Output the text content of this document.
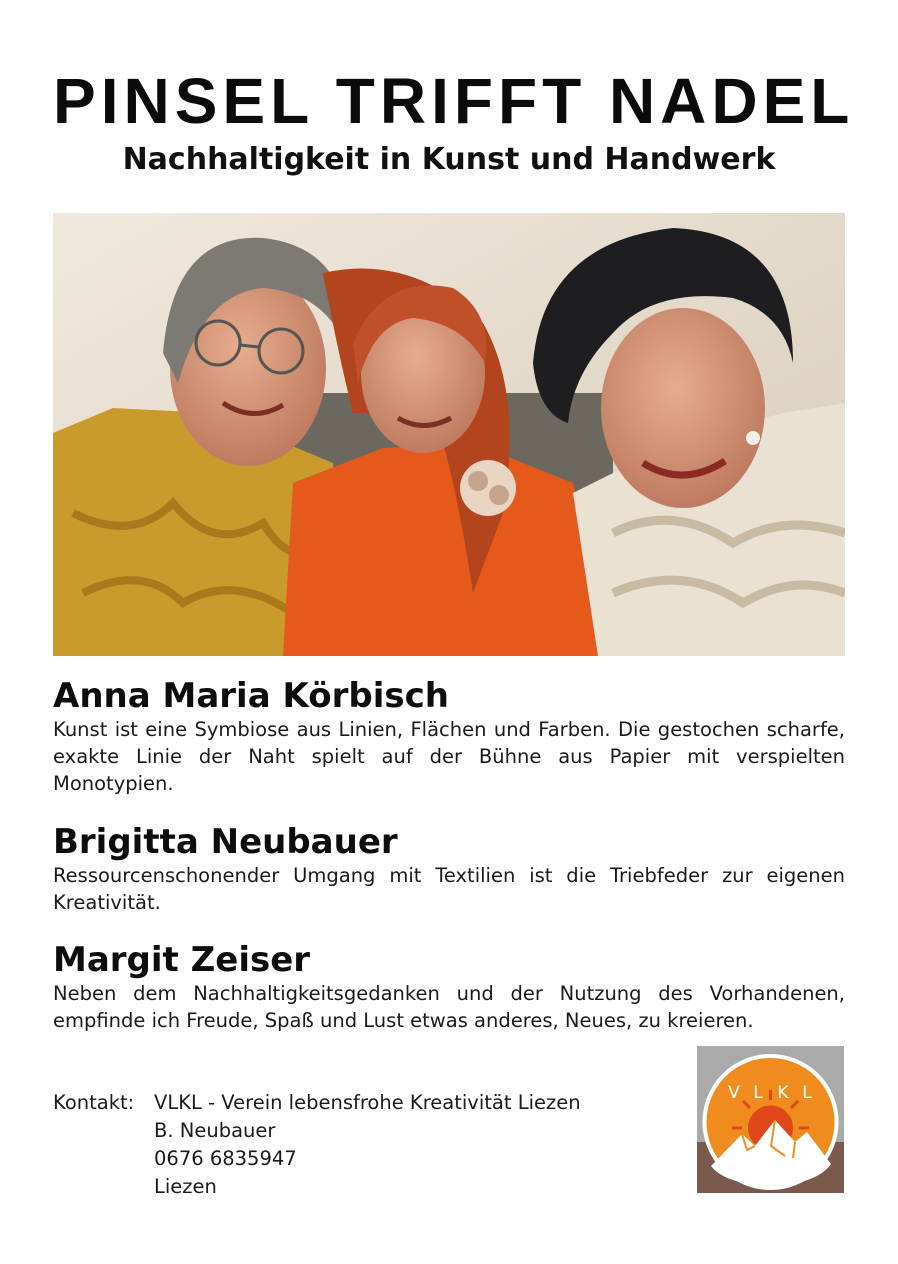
PINSEL TRIFFT NADEL
Nachhaltigkeit in Kunst und Handwerk
Anna Maria Körbisch

Kunst ist eine Symbiose aus Linien, Flächen und Farben. Die gestochen scharfe, exakte Linie der Naht spielt auf der Bühne aus Papier mit verspielten Monotypien.

Brigitta Neubauer

Ressourcenschonender Umgang mit Textilien ist die Triebfeder zur eigenen Kreativität.

Margit Zeiser

Neben dem Nachhaltigkeitsgedanken und der Nutzung des Vorhandenen, empfinde ich Freude, Spaß und Lust etwas anderes, Neues, zu kreieren.

Kontakt: VLKL - Verein lebensfrohe Kreativität Liezen
B. Neubauer
0676 6835947
Liezen
V L K L
